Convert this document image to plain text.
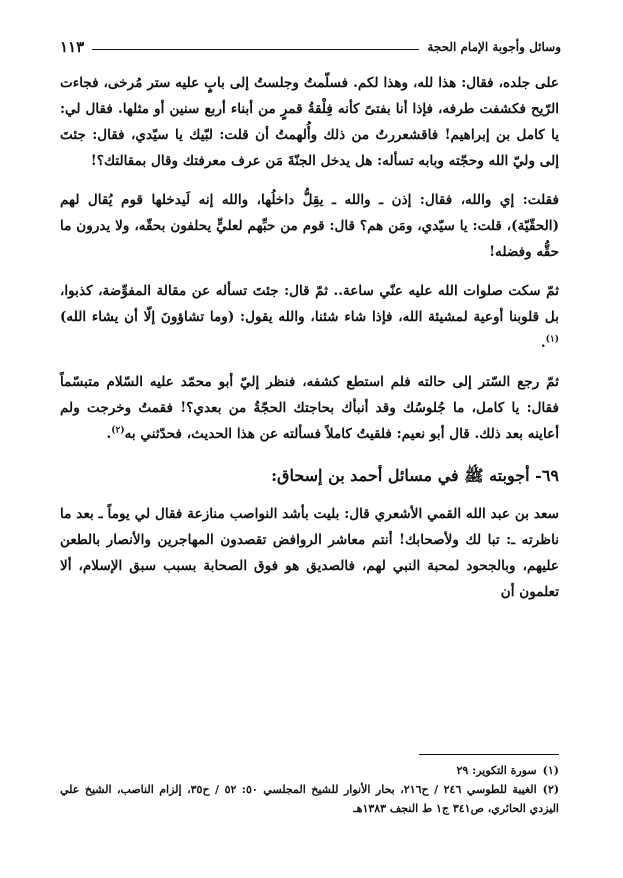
وسائل وأجوبة الإمام الحجة
١١٣

على جلده، فقال: هذا لله، وهذا لكم. فسلّمتُ وجلستُ إلى بابٍ عليه ستر مُرخى، فجاءت الرّيح فكشفت طرفه، فإذا أنا بفتىً كأنه فِلْقةُ قمرٍ من أبناء أربع سنين أو مثلها. فقال لي: يا كامل بن إبراهيم! فاقشعررتُ من ذلك وأُلهمتُ أن قلت: لبّيك يا سيّدي، فقال: جئتَ إلى وليّ الله وحجّته وبابه تسأله: هل يدخل الجنّةَ مَن عرف معرفتك وقال بمقالتك؟!

فقلت: إي والله، فقال: إذن ـ والله ـ يقِلُّ داخلُها، والله إنه لَيدخلها قوم يُقال لهم (الحقّيّة)، قلت: يا سيّدي، ومَن هم؟ قال: قوم من حبِّهم لعليٍّ يحلفون بحقّه، ولا يدرون ما حقُّه وفضله!

ثمّ سكت صلوات الله عليه عنّي ساعة.. ثمّ قال: جئتَ تسأله عن مقالة المفوِّضة، كذبوا، بل قلوبنا أوعية لمشيئة الله، فإذا شاء شئنا، والله يقول: (وما تشاؤونَ إلّا أن يشاء الله) $^{(١)}$.

ثمّ رجع السّتر إلى حالته فلم استطع كشفه، فنظر إليّ أبو محمّد عليه السّلام متبسّماً فقال: يا كامل، ما جُلوسُك وقد أنبأك بحاجتك الحجّةُ من بعدي؟! فقمتُ وخرجت ولم أعاينه بعد ذلك. قال أبو نعيم: فلقيتُ كاملاً فسألته عن هذا الحديث، فحدّثني به$^{(٢)}$.

٦٩- أجوبته ﷺ في مسائل أحمد بن إسحاق:

سعد بن عبد الله القمي الأشعري قال: بليت بأشد النواصب منازعة فقال لي يوماً ـ بعد ما ناظرته ـ: تبا لك ولأصحابك! أنتم معاشر الروافض تقصدون المهاجرين والأنصار بالطعن عليهم، وبالجحود لمحبة النبي لهم، فالصديق هو فوق الصحابة بسبب سبق الإسلام، ألا تعلمون أن

(١)سورة التكوير: ٢٩

(٢)الغيبة للطوسي ٢٤٦ / ح٢١٦، بحار الأنوار للشيخ المجلسي ٥٠: ٥٢ / ح٣٥، إلزام الناصب، الشيخ علي اليزدي الحائري، ص٣٤١ ج١ ط النجف ١٣٨٣هـ
